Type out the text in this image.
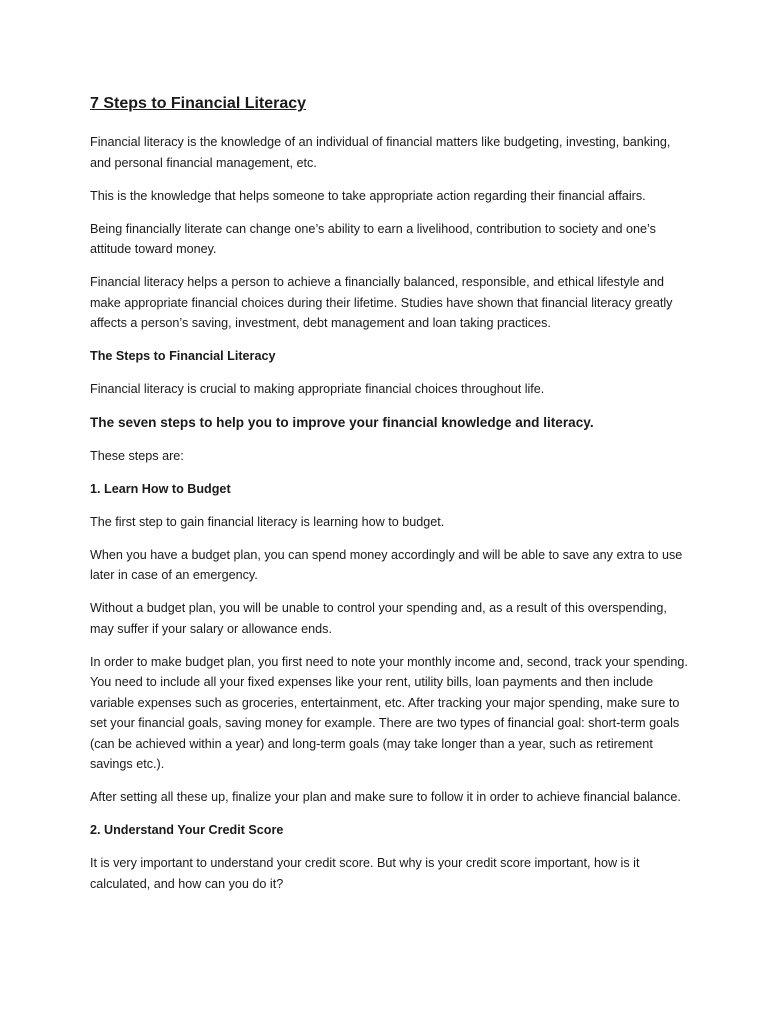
7 Steps to Financial Literacy

Financial literacy is the knowledge of an individual of financial matters like budgeting, investing, banking, and personal financial management, etc.

This is the knowledge that helps someone to take appropriate action regarding their financial affairs.

Being financially literate can change one’s ability to earn a livelihood, contribution to society and one’s attitude toward money.

Financial literacy helps a person to achieve a financially balanced, responsible, and ethical lifestyle and make appropriate financial choices during their lifetime. Studies have shown that financial literacy greatly affects a person’s saving, investment, debt management and loan taking practices.

The Steps to Financial Literacy

Financial literacy is crucial to making appropriate financial choices throughout life.

The seven steps to help you to improve your financial knowledge and literacy.

These steps are:

1. Learn How to Budget

The first step to gain financial literacy is learning how to budget.

When you have a budget plan, you can spend money accordingly and will be able to save any extra to use later in case of an emergency.

Without a budget plan, you will be unable to control your spending and, as a result of this overspending, may suffer if your salary or allowance ends.

In order to make budget plan, you first need to note your monthly income and, second, track your spending. You need to include all your fixed expenses like your rent, utility bills, loan payments and then include variable expenses such as groceries, entertainment, etc. After tracking your major spending, make sure to set your financial goals, saving money for example. There are two types of financial goal: short-term goals (can be achieved within a year) and long-term goals (may take longer than a year, such as retirement savings etc.).

After setting all these up, finalize your plan and make sure to follow it in order to achieve financial balance.

2. Understand Your Credit Score

It is very important to understand your credit score. But why is your credit score important, how is it calculated, and how can you do it?
